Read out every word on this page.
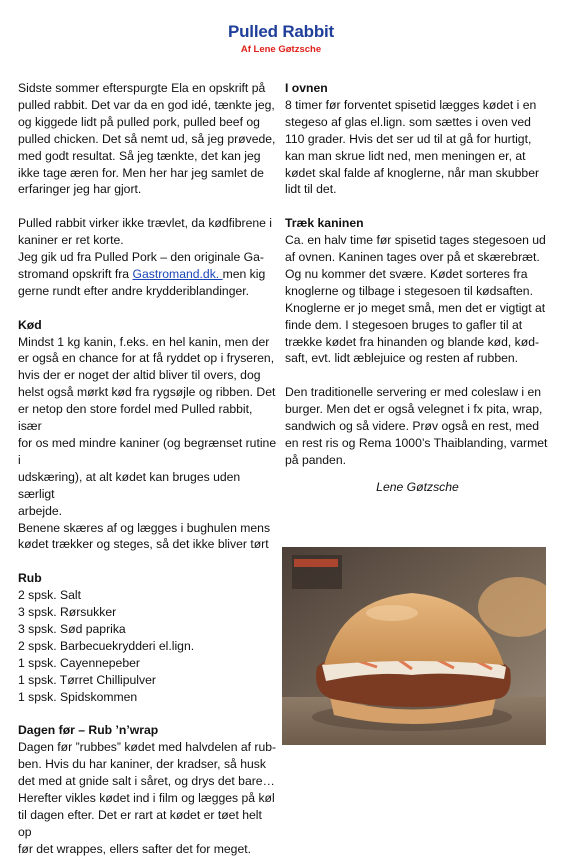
Pulled Rabbit
Af Lene Gøtzsche

Sidste sommer efterspurgte Ela en opskrift på

pulled rabbit. Det var da en god idé, tænkte jeg,

og kiggede lidt på pulled pork, pulled beef og

pulled chicken. Det så nemt ud, så jeg prøvede,

med godt resultat. Så jeg tænkte, det kan jeg

ikke tage æren for. Men her har jeg samlet de

erfaringer jeg har gjort.

Pulled rabbit virker ikke trævlet, da kødfibrene i

kaniner er ret korte.

Jeg gik ud fra Pulled Pork – den originale Ga-

stromand opskrift fra Gastromand.dk. men kig

gerne rundt efter andre krydderiblandinger.

Kød

Mindst 1 kg kanin, f.eks. en hel kanin, men der

er også en chance for at få ryddet op i fryseren,

hvis der er noget der altid bliver til overs, dog

helst også mørkt kød fra rygsøjle og ribben. Det

er netop den store fordel med Pulled rabbit, især

for os med mindre kaniner (og begrænset rutine i

udskæring), at alt kødet kan bruges uden særligt

arbejde.

Benene skæres af og lægges i bughulen mens

kødet trækker og steges, så det ikke bliver tørt

Rub

2 spsk. Salt

3 spsk. Rørsukker

3 spsk. Sød paprika

2 spsk. Barbecuekrydderi el.lign.

1 spsk. Cayennepeber

1 spsk. Tørret Chillipulver

1 spsk. Spidskommen

Dagen før – Rub ’n’wrap

Dagen før ”rubbes” kødet med halvdelen af rub-

ben. Hvis du har kaniner, der kradser, så husk

det med at gnide salt i såret, og drys det bare…

Herefter vikles kødet ind i film og lægges på køl

til dagen efter. Det er rart at kødet er tøet helt op

før det wrappes, ellers safter det for meget.

I ovnen

8 timer før forventet spisetid lægges kødet i en

stegeso af glas el.lign. som sættes i oven ved

110 grader. Hvis det ser ud til at gå for hurtigt,

kan man skrue lidt ned, men meningen er, at

kødet skal falde af knoglerne, når man skubber

lidt til det.

Træk kaninen

Ca. en halv time før spisetid tages stegesoen ud

af ovnen. Kaninen tages over på et skærebræt.

Og nu kommer det svære. Kødet sorteres fra

knoglerne og tilbage i stegesoen til kødsaften.

Knoglerne er jo meget små, men det er vigtigt at

finde dem. I stegesoen bruges to gafler til at

trække kødet fra hinanden og blande kød, kød-

saft, evt. lidt æblejuice og resten af rubben.

Den traditionelle servering er med coleslaw i en

burger. Men det er også velegnet i fx pita, wrap,

sandwich og så videre. Prøv også en rest, med

en rest ris og Rema 1000’s Thaiblanding, varmet

på panden.

Lene Gøtzsche
